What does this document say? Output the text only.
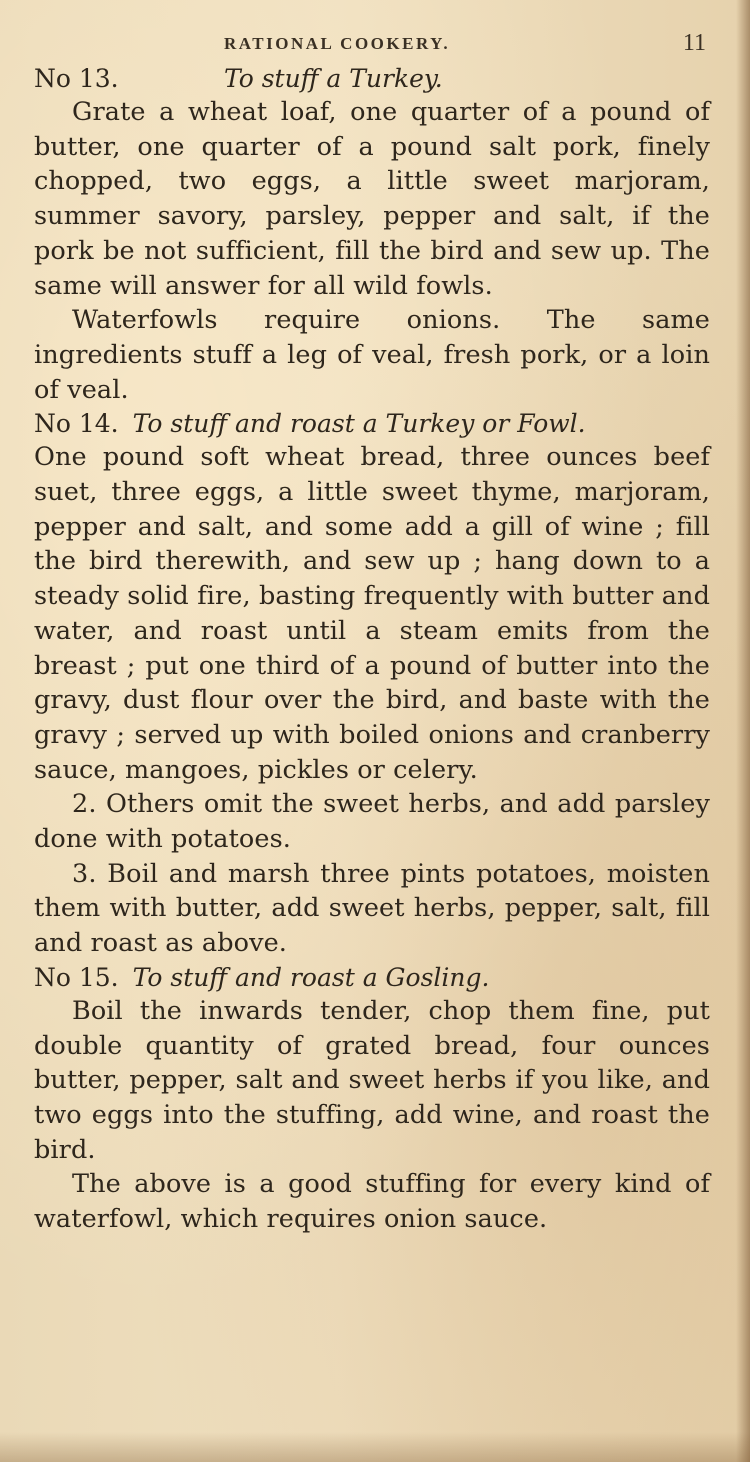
RATIONAL COOKERY.	11
No 13.	To stuff a Turkey.

Grate a wheat loaf, one quarter of a pound of butter, one quarter of a pound salt pork, finely chopped, two eggs, a little sweet marjoram, summer savory, parsley, pepper and salt, if the pork be not sufficient, fill the bird and sew up. The same will answer for all wild fowls.

Waterfowls require onions. The same ingredients stuff a leg of veal, fresh pork, or a loin of veal.

No 14. To stuff and roast a Turkey or Fowl.

One pound soft wheat bread, three ounces beef suet, three eggs, a little sweet thyme, marjoram, pepper and salt, and some add a gill of wine ; fill the bird therewith, and sew up ; hang down to a steady solid fire, basting frequently with butter and water, and roast until a steam emits from the breast ; put one third of a pound of butter into the gravy, dust flour over the bird, and baste with the gravy ; served up with boiled onions and cranberry sauce, mangoes, pickles or celery.

2. Others omit the sweet herbs, and add parsley done with potatoes.

3. Boil and marsh three pints potatoes, moisten them with butter, add sweet herbs, pepper, salt, fill and roast as above.

No 15. To stuff and roast a Gosling.

Boil the inwards tender, chop them fine, put double quantity of grated bread, four ounces butter, pepper, salt and sweet herbs if you like, and two eggs into the stuffing, add wine, and roast the bird.

The above is a good stuffing for every kind of waterfowl, which requires onion sauce.
